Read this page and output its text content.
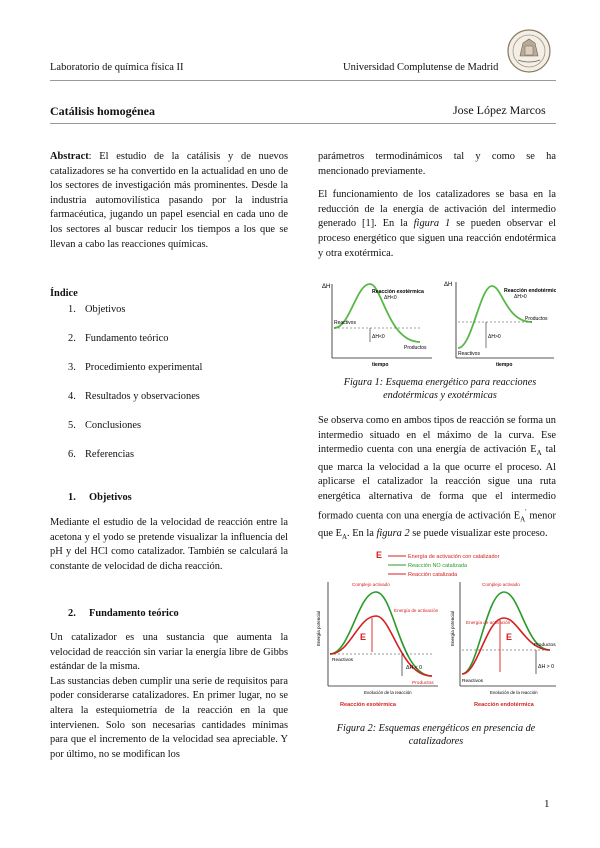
Laboratorio de química física II	Universidad Complutense de Madrid
Catálisis homogénea	Jose López Marcos

Abstract: El estudio de la catálisis y de nuevos catalizadores se ha convertido en la actualidad en uno de los sectores de investigación más prominentes. Desde la industria automovilística pasando por la industria farmacéutica, jugando un papel esencial en cada uno de los sectores al buscar reducir los tiempos a los que se llevan a cabo las reacciones químicas.

Índice
1. Objetivos
2. Fundamento teórico
3. Procedimiento experimental
4. Resultados y observaciones
5. Conclusiones
6. Referencias
1. Objetivos

Mediante el estudio de la velocidad de reacción entre la acetona y el yodo se pretende visualizar la influencia del pH y del HCl como catalizador. También se calculará la constante de velocidad de dicha reacción.

2. Fundamento teórico

Un catalizador es una sustancia que aumenta la velocidad de reacción sin variar la energía libre de Gibbs estándar de la misma.

Las sustancias deben cumplir una serie de requisitos para poder considerarse catalizadores. En primer lugar, no se altera la estequiometría de la reacción en la que intervienen. Solo son necesarias cantidades mínimas para que el incremento de la velocidad sea apreciable. Y por último, no se modifican los

parámetros termodinámicos tal y como se ha mencionado previamente.

El funcionamiento de los catalizadores se basa en la reducción de la energía de activación del intermedio generado [1]. En la figura 1 se pueden observar el proceso energético que siguen una reacción endotérmica y otra exotérmica.

ΔH
Reacción exotérmica
ΔH<0
Reactivos
ΔH<0
Productos
tiempo
ΔH
Reacción endotérmica
ΔH>0
Productos
ΔH>0
Reactivos
tiempo
Figura 1: Esquema energético para reacciones endotérmicas y exotérmicas

Se observa como en ambos tipos de reacción se forma un intermedio situado en el máximo de la curva. Ese intermedio cuenta con una energía de activación $E_A$ tal que marca la velocidad a la que ocurre el proceso. Al aplicarse el catalizador la reacción sigue una ruta energética alternativa de forma que el intermedio formado cuenta con una energía de activación $E_A'$ menor que $E_A$. En la figura 2 se puede visualizar este proceso.

E	Energía de activación con catalizador
Reacción NO catalizada
Reacción catalizada
Energía potencial
Complejo activado
Energía de activación
E
Reactivos
ΔH < 0
Productos
Evolución de la reacción
Reacción exotérmica
Energía potencial
Complejo activado
Energía de activación
E
Productos
ΔH > 0
Reactivos
Evolución de la reacción
Reacción endotérmica
Figura 2: Esquemas energéticos en presencia de catalizadores
1
